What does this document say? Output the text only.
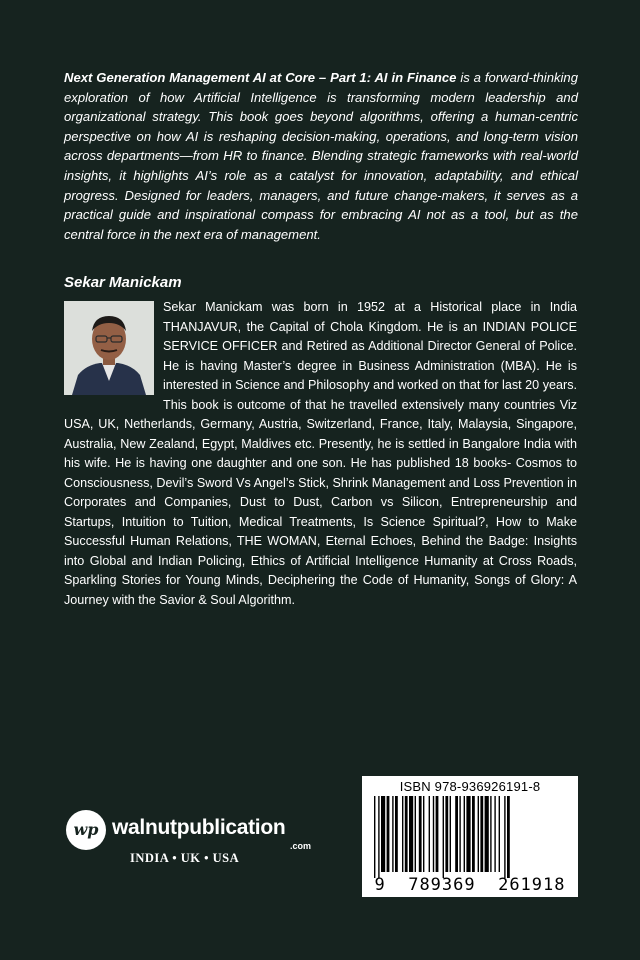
Next Generation Management AI at Core – Part 1: AI in Finance is a forward-thinking exploration of how Artificial Intelligence is transforming modern leadership and organizational strategy. This book goes beyond algorithms, offering a human-centric perspective on how AI is reshaping decision-making, operations, and long-term vision across departments—from HR to finance. Blending strategic frameworks with real-world insights, it highlights AI’s role as a catalyst for innovation, adaptability, and ethical progress. Designed for leaders, managers, and future change-makers, it serves as a practical guide and inspirational compass for embracing AI not as a tool, but as the central force in the next era of management.

Sekar Manickam

Sekar Manickam was born in 1952 at a Historical place in India THANJAVUR, the Capital of Chola Kingdom. He is an INDIAN POLICE SERVICE OFFICER and Retired as Additional Director General of Police. He is having Master’s degree in Business Administration (MBA). He is interested in Science and Philosophy and worked on that for last 20 years. This book is outcome of that he travelled extensively many countries Viz USA, UK, Netherlands, Germany, Austria, Switzerland, France, Italy, Malaysia, Singapore, Australia, New Zealand, Egypt, Maldives etc. Presently, he is settled in Bangalore India with his wife. He is having one daughter and one son. He has published 18 books- Cosmos to Consciousness, Devil’s Sword Vs Angel’s Stick, Shrink Management and Loss Prevention in Corporates and Companies, Dust to Dust, Carbon vs Silicon, Entrepreneurship and Startups, Intuition to Tuition, Medical Treatments, Is Science Spiritual?, How to Make Successful Human Relations, THE WOMAN, Eternal Echoes, Behind the Badge: Insights into Global and Indian Policing, Ethics of Artificial Intelligence Humanity at Cross Roads, Sparkling Stories for Young Minds, Deciphering the Code of Humanity, Songs of Glory: A Journey with the Savior & Soul Algorithm.
wp walnutpublication
.com
INDIA • UK • USA
ISBN 978-936926191-8
9  789369  261918
